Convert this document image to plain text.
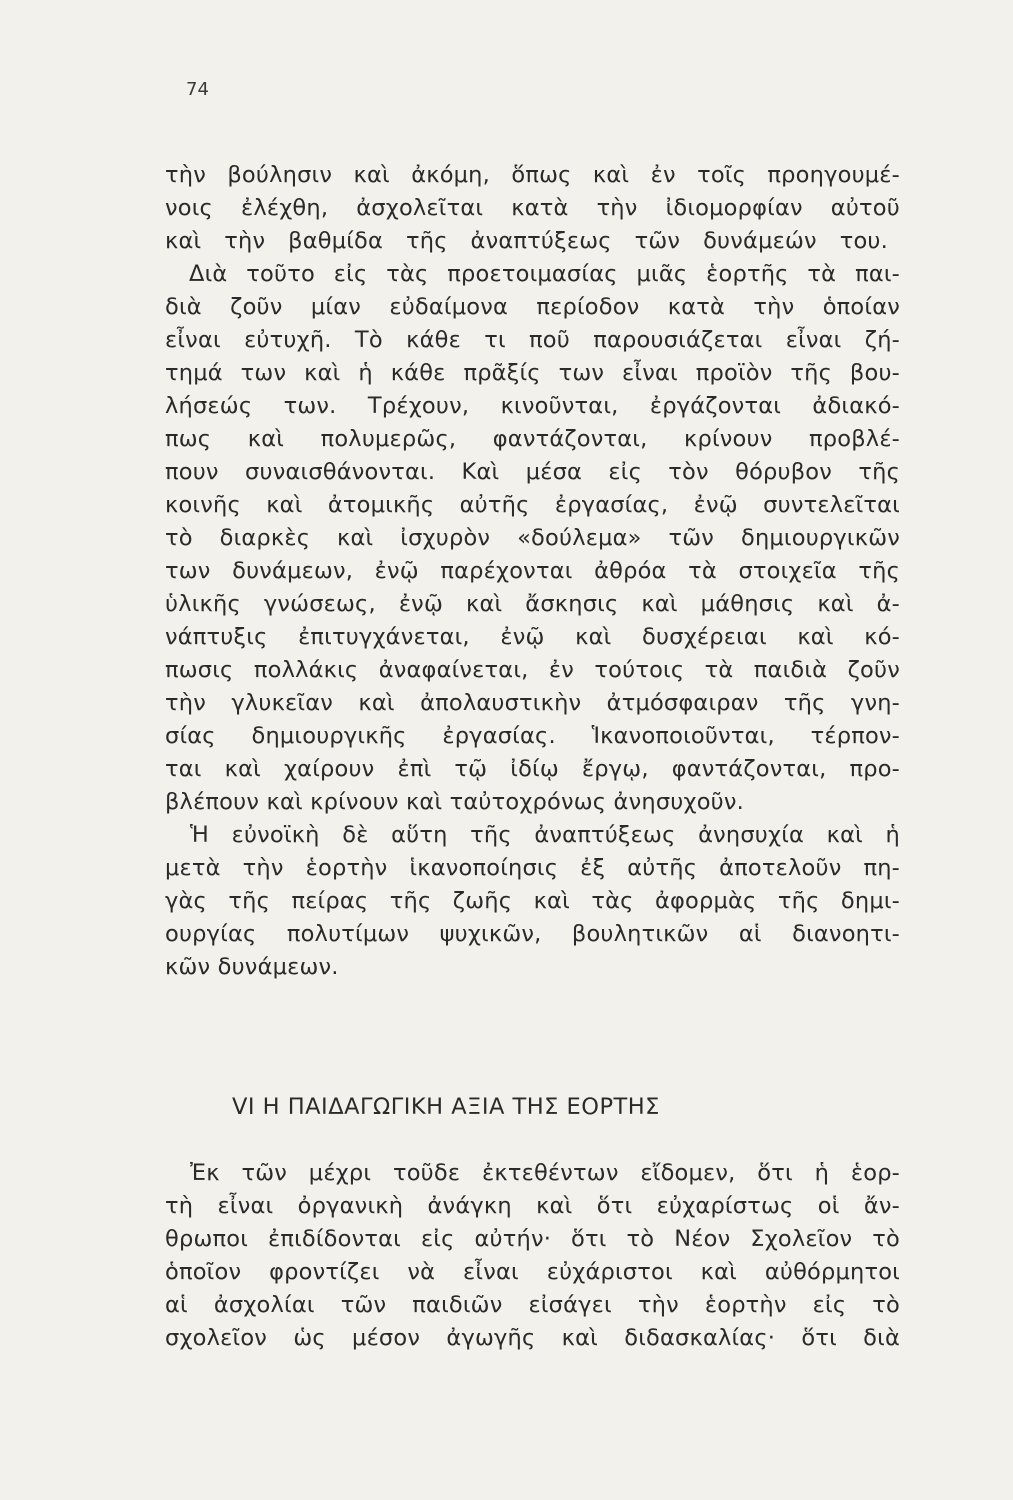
74
τὴν βούλησιν καὶ ἀκόμη, ὅπως καὶ ἐν τοῖς προηγουμέ-
νοις ἐλέχθη, ἀσχολεῖται κατὰ τὴν ἰδιομορφίαν αὐτοῦ
καὶ τὴν βαθμίδα τῆς ἀναπτύξεως τῶν δυνάμεών του.
Διὰ τοῦτο εἰς τὰς προετοιμασίας μιᾶς ἑορτῆς τὰ παι-
διὰ ζοῦν μίαν εὐδαίμονα περίοδον κατὰ τὴν ὁποίαν
εἶναι εὐτυχῆ. Τὸ κάθε τι ποῦ παρουσιάζεται εἶναι ζή-
τημά των καὶ ἡ κάθε πρᾶξίς των εἶναι προϊὸν τῆς βου-
λήσεώς των. Τρέχουν, κινοῦνται, ἐργάζονται ἀδιακό-
πως καὶ πολυμερῶς, φαντάζονται, κρίνουν προβλέ-
πουν συναισθάνονται. Καὶ μέσα εἰς τὸν θόρυβον τῆς
κοινῆς καὶ ἀτομικῆς αὐτῆς ἐργασίας, ἐνῷ συντελεῖται
τὸ διαρκὲς καὶ ἰσχυρὸν «δούλεμα» τῶν δημιουργικῶν
των δυνάμεων, ἐνῷ παρέχονται ἀθρόα τὰ στοιχεῖα τῆς
ὑλικῆς γνώσεως, ἐνῷ καὶ ἄσκησις καὶ μάθησις καὶ ἀ-
νάπτυξις ἐπιτυγχάνεται, ἐνῷ καὶ δυσχέρειαι καὶ κό-
πωσις πολλάκις ἀναφαίνεται, ἐν τούτοις τὰ παιδιὰ ζοῦν
τὴν γλυκεῖαν καὶ ἀπολαυστικὴν ἀτμόσφαιραν τῆς γνη-
σίας δημιουργικῆς ἐργασίας. Ἱκανοποιοῦνται, τέρπον-
ται καὶ χαίρουν ἐπὶ τῷ ἰδίῳ ἔργῳ, φαντάζονται, προ-
βλέπουν καὶ κρίνουν καὶ ταὐτοχρόνως ἀνησυχοῦν.
Ἡ εὐνοϊκὴ δὲ αὕτη τῆς ἀναπτύξεως ἀνησυχία καὶ ἡ
μετὰ τὴν ἑορτὴν ἱκανοποίησις ἐξ αὐτῆς ἀποτελοῦν πη-
γὰς τῆς πείρας τῆς ζωῆς καὶ τὰς ἀφορμὰς τῆς δημι-
ουργίας πολυτίμων ψυχικῶν, βουλητικῶν αἱ διανοητι-
κῶν δυνάμεων.
VI Η ΠΑΙΔΑΓΩΓΙΚΗ ΑΞΙΑ ΤΗΣ ΕΟΡΤΗΣ
Ἐκ τῶν μέχρι τοῦδε ἐκτεθέντων εἴδομεν, ὅτι ἡ ἑορ-
τὴ εἶναι ὀργανικὴ ἀνάγκη καὶ ὅτι εὐχαρίστως οἱ ἄν-
θρωποι ἐπιδίδονται εἰς αὐτήν· ὅτι τὸ Νέον Σχολεῖον τὸ
ὁποῖον φροντίζει νὰ εἶναι εὐχάριστοι καὶ αὐθόρμητοι
αἱ ἀσχολίαι τῶν παιδιῶν εἰσάγει τὴν ἑορτὴν εἰς τὸ
σχολεῖον ὡς μέσον ἀγωγῆς καὶ διδασκαλίας· ὅτι διὰ
